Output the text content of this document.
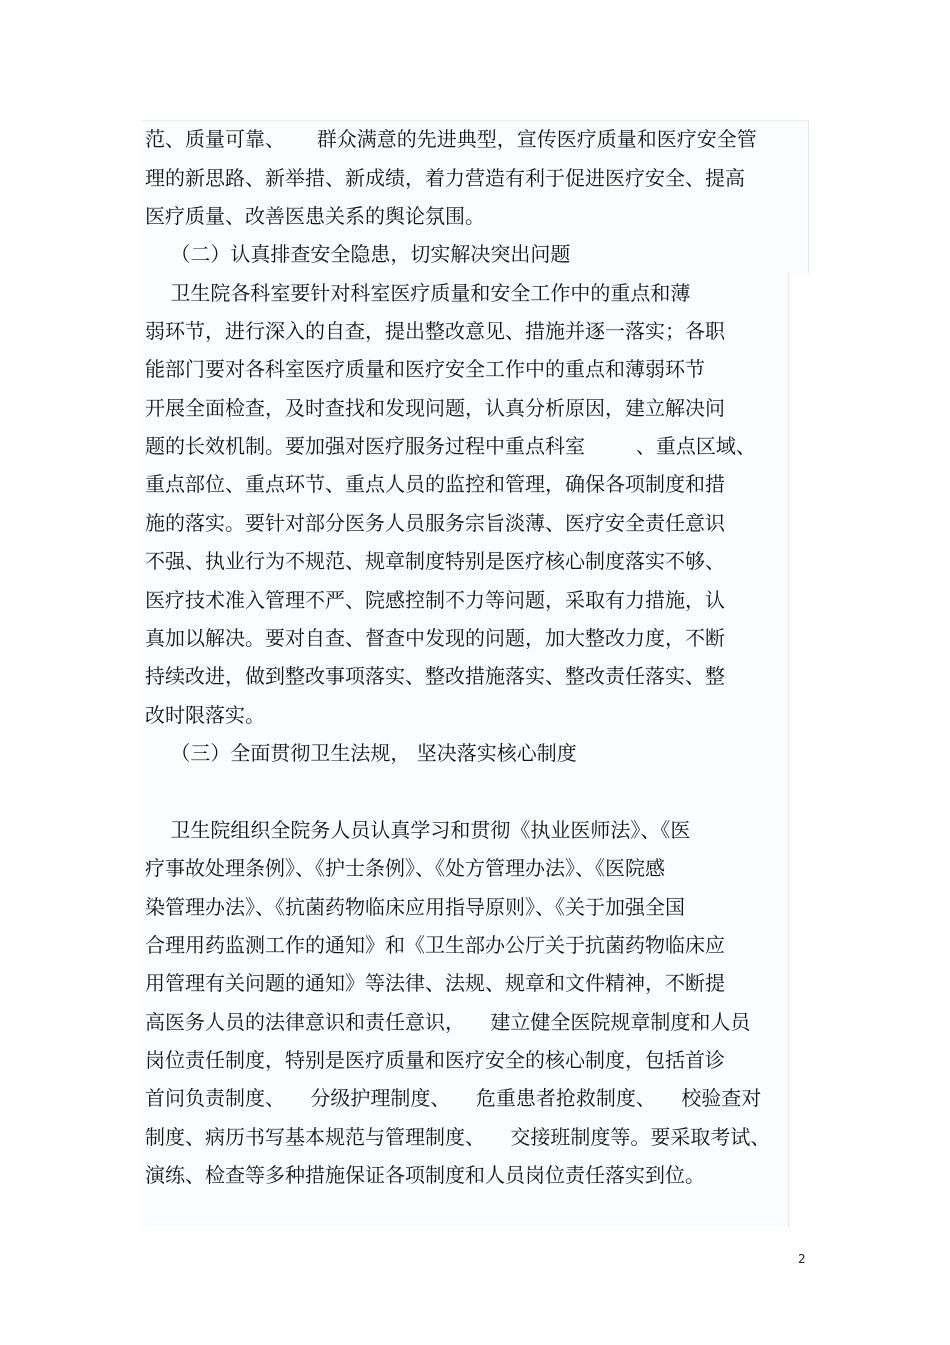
范、质量可靠、     群众满意的先进典型，宣传医疗质量和医疗安全管

理的新思路、新举措、新成绩，着力营造有利于促进医疗安全、提高

医疗质量、改善医患关系的舆论氛围。

（二）认真排查安全隐患，切实解决突出问题

卫生院各科室要针对科室医疗质量和安全工作中的重点和薄

弱环节，进行深入的自查，提出整改意见、措施并逐一落实；各职

能部门要对各科室医疗质量和医疗安全工作中的重点和薄弱环节

开展全面检查，及时查找和发现问题，认真分析原因，建立解决问

题的长效机制。要加强对医疗服务过程中重点科室        、重点区域、

重点部位、重点环节、重点人员的监控和管理，确保各项制度和措

施的落实。要针对部分医务人员服务宗旨淡薄、医疗安全责任意识

不强、执业行为不规范、规章制度特别是医疗核心制度落实不够、

医疗技术准入管理不严、院感控制不力等问题，采取有力措施，认

真加以解决。要对自查、督查中发现的问题，加大整改力度，不断

持续改进，做到整改事项落实、整改措施落实、整改责任落实、整

改时限落实。

（三）全面贯彻卫生法规， 坚决落实核心制度

卫生院组织全院务人员认真学习和贯彻《执业医师法》、《医

疗事故处理条例》、《护士条例》、《处方管理办法》、《医院感

染管理办法》、《抗菌药物临床应用指导原则》、《关于加强全国

合理用药监测工作的通知》和《卫生部办公厅关于抗菌药物临床应

用管理有关问题的通知》等法律、法规、规章和文件精神，不断提

高医务人员的法律意识和责任意识，    建立健全医院规章制度和人员

岗位责任制度，特别是医疗质量和医疗安全的核心制度，包括首诊

首问负责制度、    分级护理制度、    危重患者抢救制度、    校验查对

制度、病历书写基本规范与管理制度、    交接班制度等。要采取考试、

演练、检查等多种措施保证各项制度和人员岗位责任落实到位。

2
